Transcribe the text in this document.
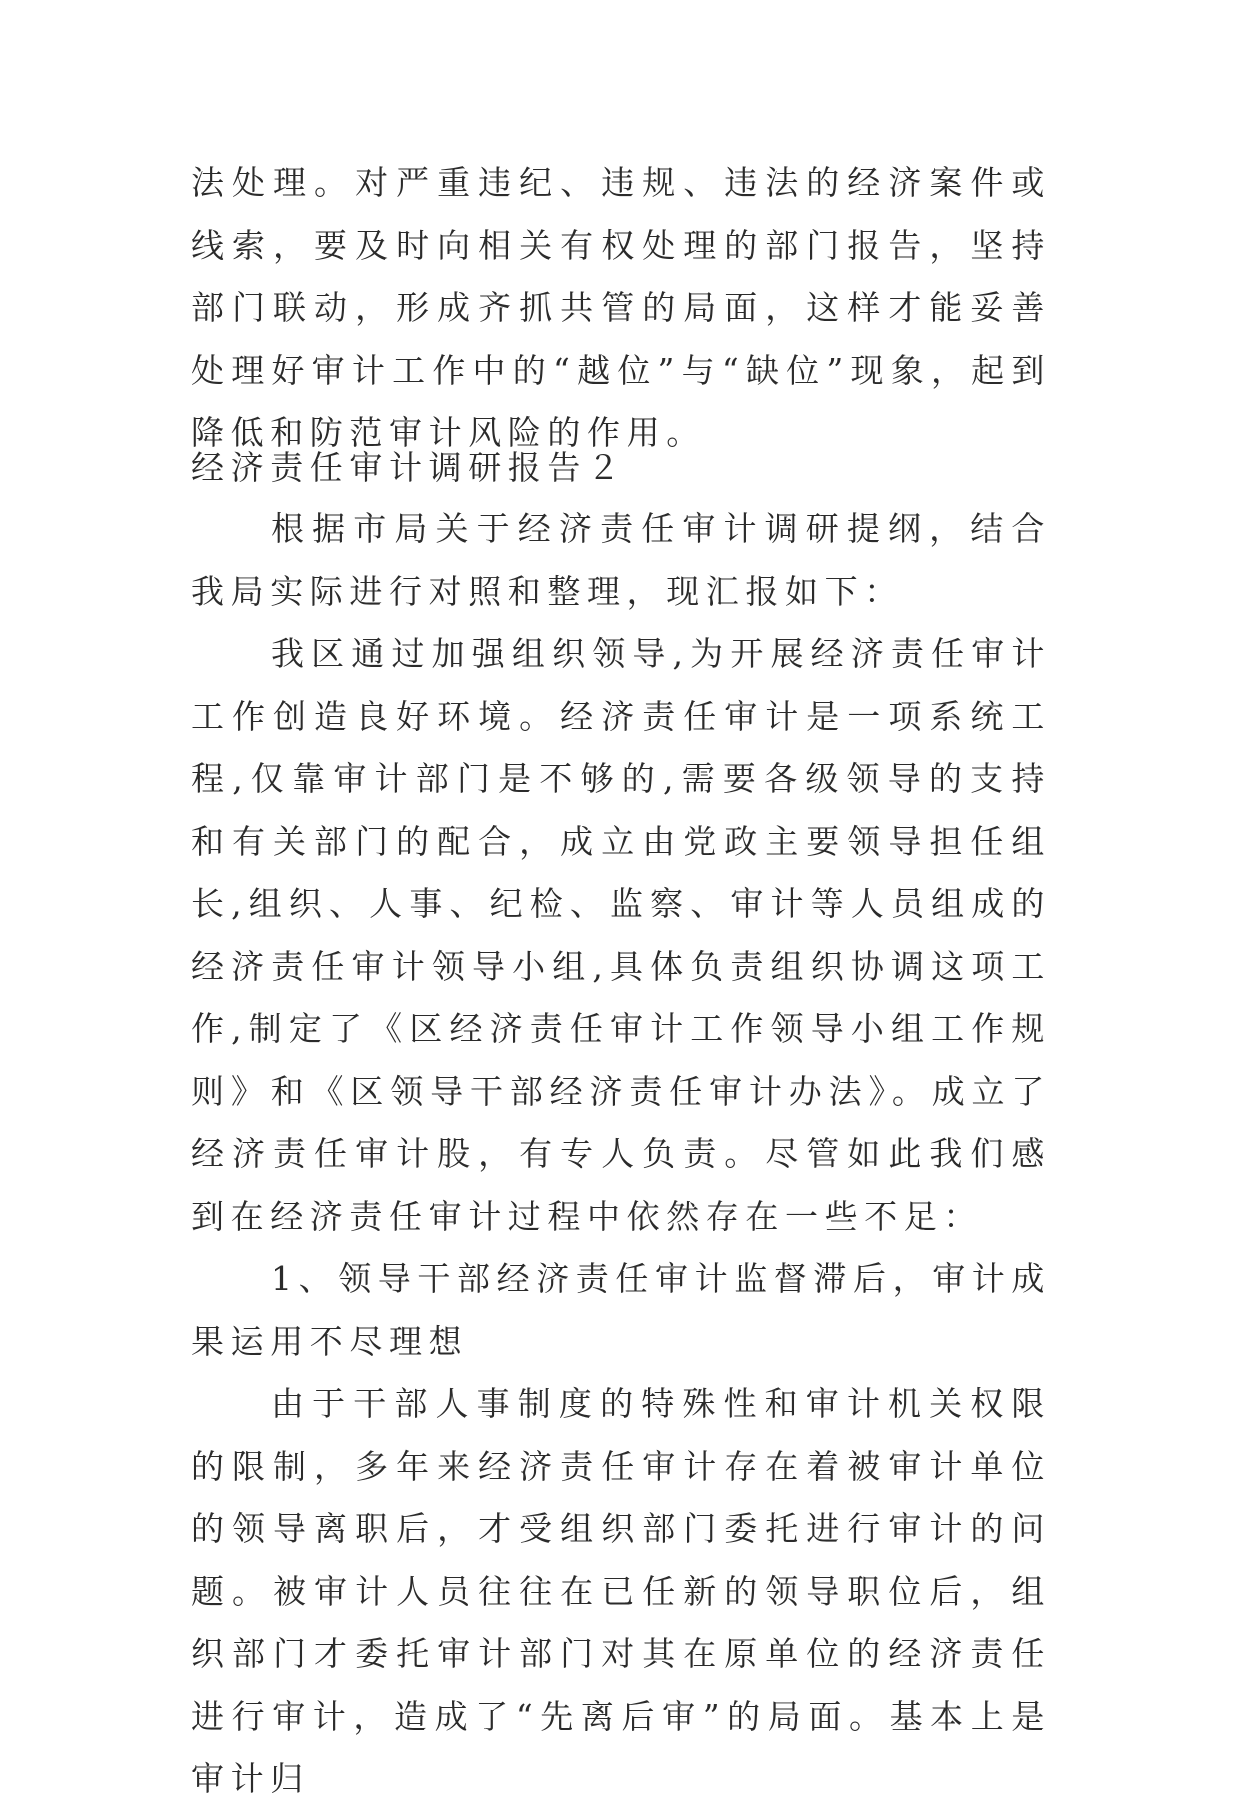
法处理。对严重违纪、违规、违法的经济案件或线索，要及时向相关有权处理的部门报告，坚持部门联动，形成齐抓共管的局面，这样才能妥善处理好审计工作中的“越位”与“缺位”现象，起到降低和防范审计风险的作用。

经济责任审计调研报告２

根据市局关于经济责任审计调研提纲，结合我局实际进行对照和整理，现汇报如下：

我区通过加强组织领导,为开展经济责任审计工作创造良好环境。经济责任审计是一项系统工程,仅靠审计部门是不够的,需要各级领导的支持和有关部门的配合，成立由党政主要领导担任组长,组织、人事、纪检、监察、审计等人员组成的经济责任审计领导小组,具体负责组织协调这项工作,制定了《区经济责任审计工作领导小组工作规则》和《区领导干部经济责任审计办法》。成立了经济责任审计股，有专人负责。尽管如此我们感到在经济责任审计过程中依然存在一些不足：

1、领导干部经济责任审计监督滞后，审计成果运用不尽理想

由于干部人事制度的特殊性和审计机关权限的限制，多年来经济责任审计存在着被审计单位的领导离职后，才受组织部门委托进行审计的问题。被审计人员往往在已任新的领导职位后，组织部门才委托审计部门对其在原单位的经济责任进行审计，造成了“先离后审”的局面。基本上是审计归
